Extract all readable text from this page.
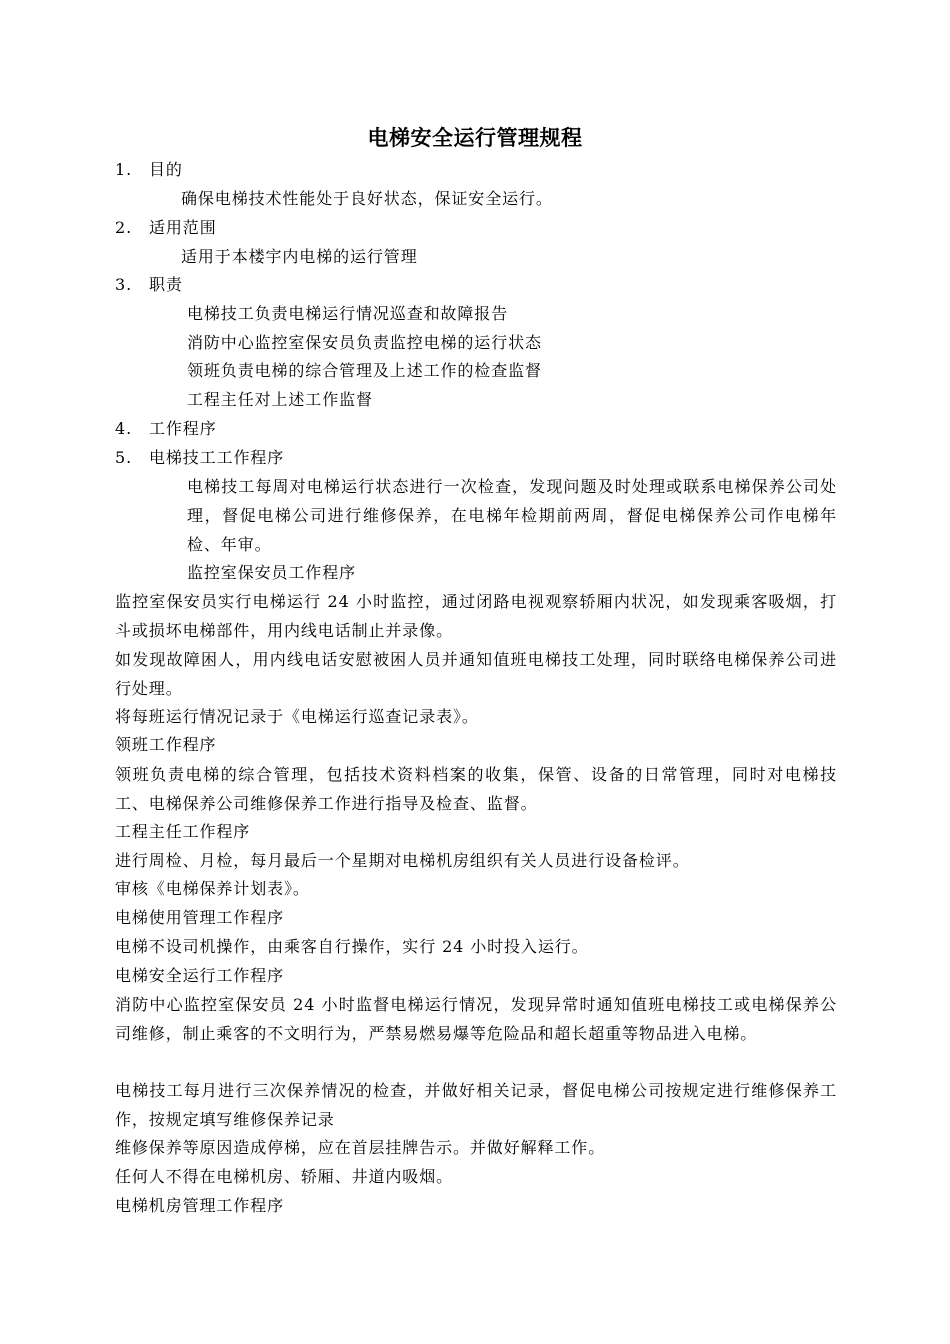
电梯安全运行管理规程
1. 目的
确保电梯技术性能处于良好状态，保证安全运行。
2. 适用范围
适用于本楼宇内电梯的运行管理
3. 职责
电梯技工负责电梯运行情况巡查和故障报告
消防中心监控室保安员负责监控电梯的运行状态
领班负责电梯的综合管理及上述工作的检查监督
工程主任对上述工作监督
4. 工作程序
5. 电梯技工工作程序
电梯技工每周对电梯运行状态进行一次检查，发现问题及时处理或联系电梯保养公司处理，督促电梯公司进行维修保养，在电梯年检期前两周，督促电梯保养公司作电梯年检、年审。
监控室保安员工作程序
监控室保安员实行电梯运行 24 小时监控，通过闭路电视观察轿厢内状况，如发现乘客吸烟，打斗或损坏电梯部件，用内线电话制止并录像。
如发现故障困人，用内线电话安慰被困人员并通知值班电梯技工处理，同时联络电梯保养公司进行处理。
将每班运行情况记录于《电梯运行巡查记录表》。
领班工作程序
领班负责电梯的综合管理，包括技术资料档案的收集，保管、设备的日常管理，同时对电梯技工、电梯保养公司维修保养工作进行指导及检查、监督。
工程主任工作程序
进行周检、月检，每月最后一个星期对电梯机房组织有关人员进行设备检评。
审核《电梯保养计划表》。
电梯使用管理工作程序
电梯不设司机操作，由乘客自行操作，实行 24 小时投入运行。
电梯安全运行工作程序
消防中心监控室保安员 24 小时监督电梯运行情况，发现异常时通知值班电梯技工或电梯保养公司维修，制止乘客的不文明行为，严禁易燃易爆等危险品和超长超重等物品进入电梯。
电梯技工每月进行三次保养情况的检查，并做好相关记录，督促电梯公司按规定进行维修保养工作，按规定填写维修保养记录
维修保养等原因造成停梯，应在首层挂牌告示。并做好解释工作。
任何人不得在电梯机房、轿厢、井道内吸烟。
电梯机房管理工作程序
